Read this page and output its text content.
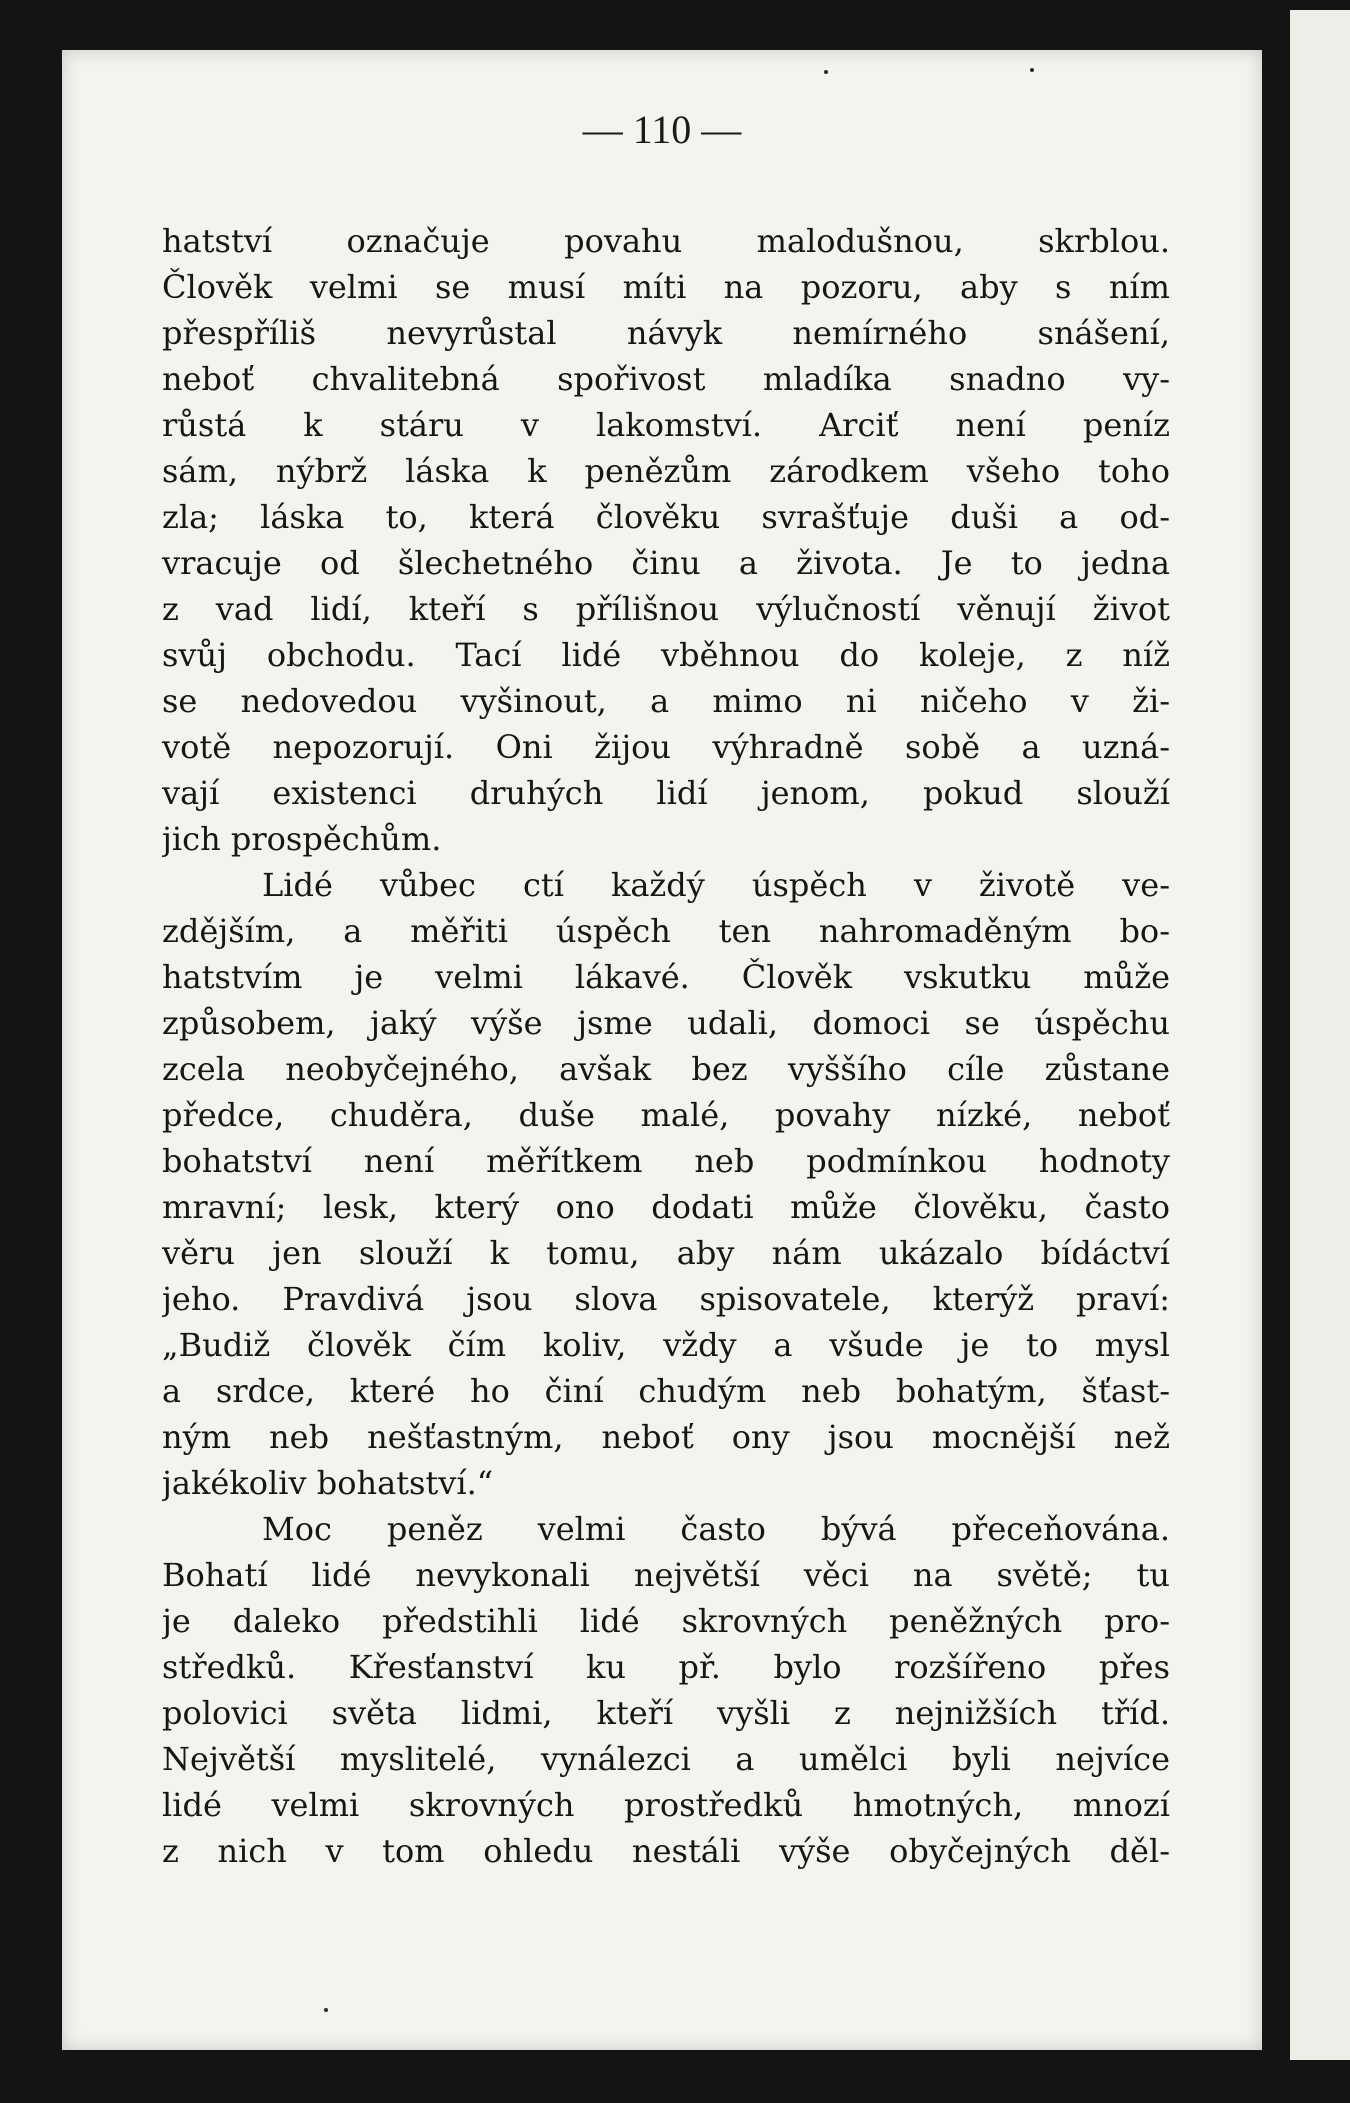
— 110 —
hatství označuje povahu malodušnou, skrblou.
Člověk velmi se musí míti na pozoru, aby s ním
přespříliš nevyrůstal návyk nemírného snášení,
neboť chvalitebná spořivost mladíka snadno vy-
růstá k stáru v lakomství. Arciť není peníz
sám, nýbrž láska k penězům zárodkem všeho toho
zla; láska to, která člověku svrašťuje duši a od-
vracuje od šlechetného činu a života. Je to jedna
z vad lidí, kteří s přílišnou výlučností věnují život
svůj obchodu. Tací lidé vběhnou do koleje, z níž
se nedovedou vyšinout, a mimo ni ničeho v ži-
votě nepozorují. Oni žijou výhradně sobě a uzná-
vají existenci druhých lidí jenom, pokud slouží
jich prospěchům.
Lidé vůbec ctí každý úspěch v životě ve-
zdějším, a měřiti úspěch ten nahromaděným bo-
hatstvím je velmi lákavé. Člověk vskutku může
způsobem, jaký výše jsme udali, domoci se úspěchu
zcela neobyčejného, avšak bez vyššího cíle zůstane
předce, chuděra, duše malé, povahy nízké, neboť
bohatství není měřítkem neb podmínkou hodnoty
mravní; lesk, který ono dodati může člověku, často
věru jen slouží k tomu, aby nám ukázalo bídáctví
jeho. Pravdivá jsou slova spisovatele, kterýž praví:
„Budiž člověk čím koliv, vždy a všude je to mysl
a srdce, které ho činí chudým neb bohatým, šťast-
ným neb nešťastným, neboť ony jsou mocnější než
jakékoliv bohatství.“
Moc peněz velmi často bývá přeceňována.
Bohatí lidé nevykonali největší věci na světě; tu
je daleko předstihli lidé skrovných peněžných pro-
středků. Křesťanství ku př. bylo rozšířeno přes
polovici světa lidmi, kteří vyšli z nejnižších tříd.
Největší myslitelé, vynálezci a umělci byli nejvíce
lidé velmi skrovných prostředků hmotných, mnozí
z nich v tom ohledu nestáli výše obyčejných děl-
